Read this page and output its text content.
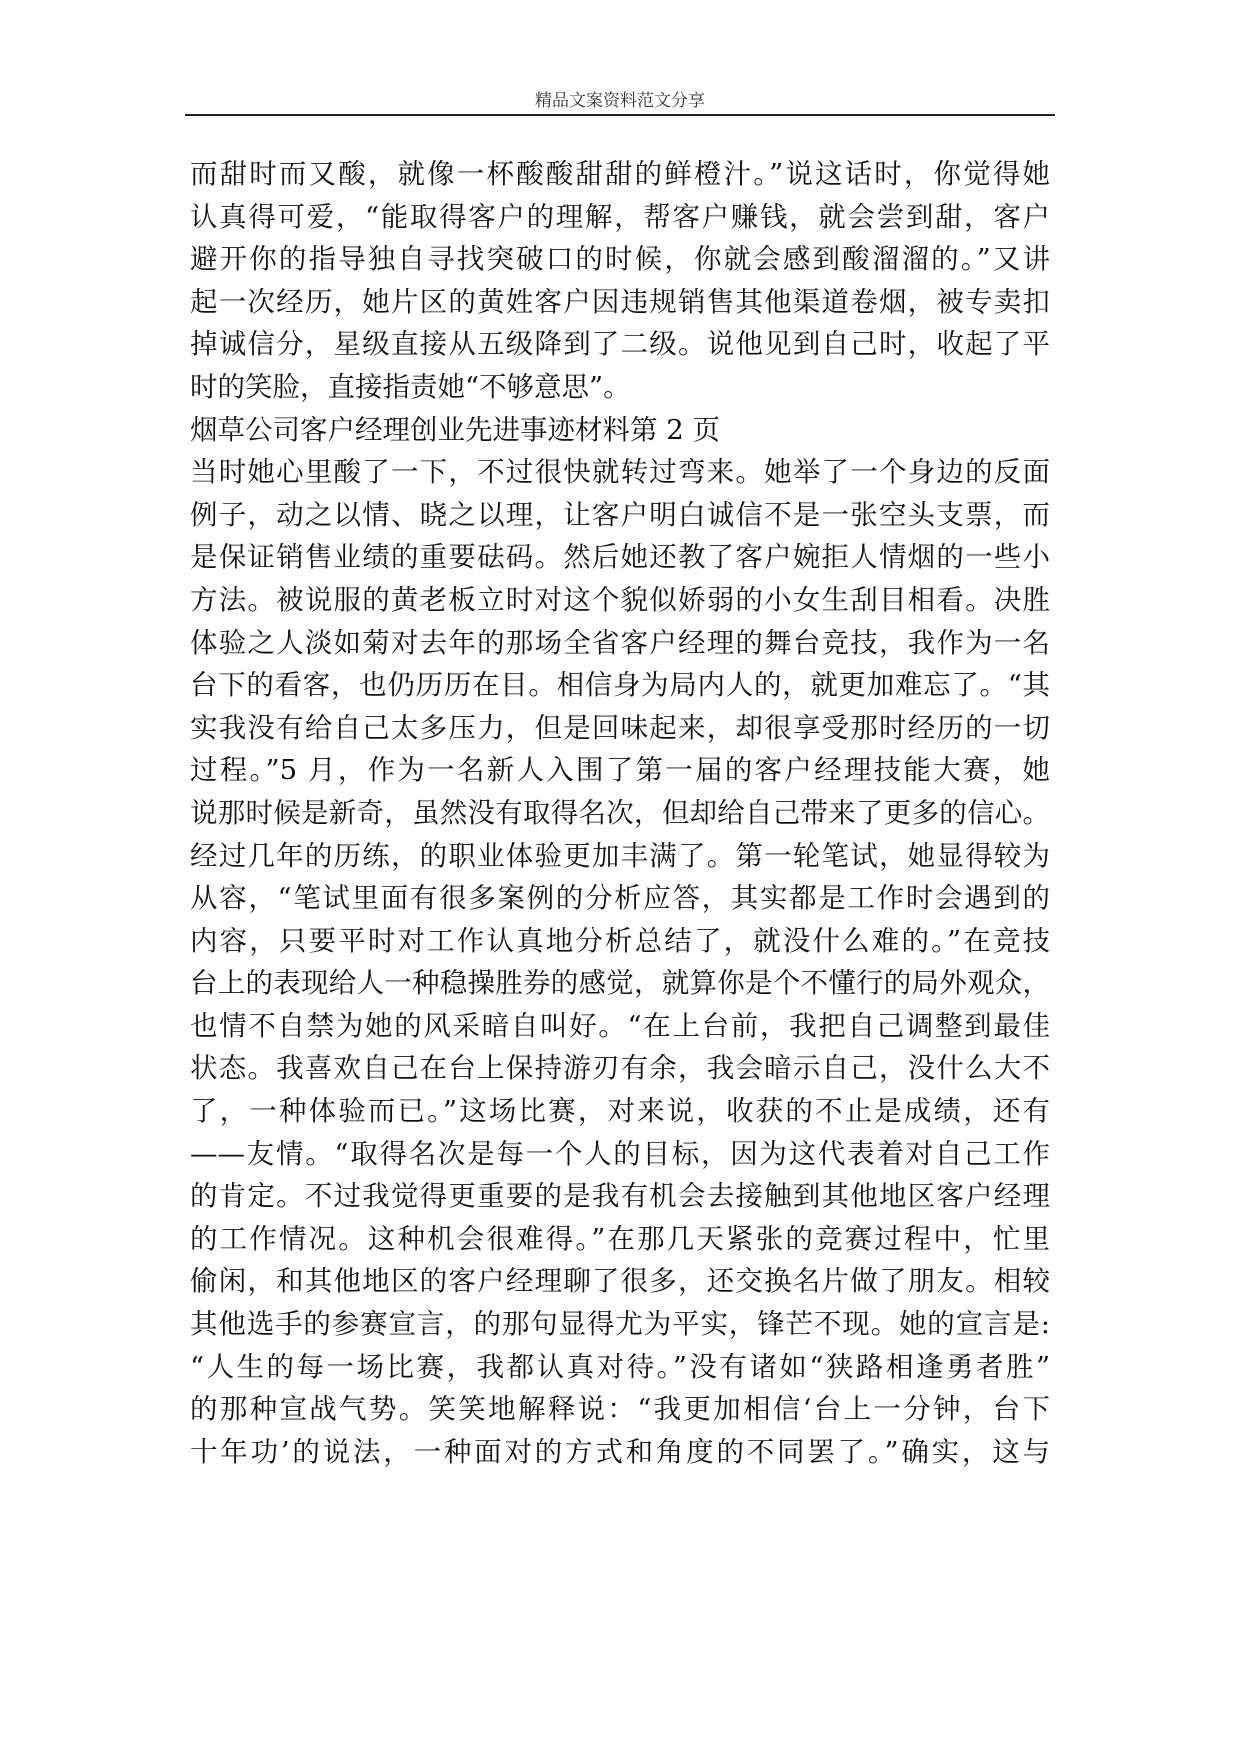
精品文案资料范文分享
而甜时而又酸，就像一杯酸酸甜甜的鲜橙汁。”说这话时，你觉得她
认真得可爱，“能取得客户的理解，帮客户赚钱，就会尝到甜，客户
避开你的指导独自寻找突破口的时候，你就会感到酸溜溜的。”又讲
起一次经历，她片区的黄姓客户因违规销售其他渠道卷烟，被专卖扣
掉诚信分，星级直接从五级降到了二级。说他见到自己时，收起了平
时的笑脸，直接指责她“不够意思”。
烟草公司客户经理创业先进事迹材料第 2 页
当时她心里酸了一下，不过很快就转过弯来。她举了一个身边的反面
例子，动之以情、晓之以理，让客户明白诚信不是一张空头支票，而
是保证销售业绩的重要砝码。然后她还教了客户婉拒人情烟的一些小
方法。被说服的黄老板立时对这个貌似娇弱的小女生刮目相看。决胜
体验之人淡如菊对去年的那场全省客户经理的舞台竞技，我作为一名
台下的看客，也仍历历在目。相信身为局内人的，就更加难忘了。“其
实我没有给自己太多压力，但是回味起来，却很享受那时经历的一切
过程。”5 月，作为一名新人入围了第一届的客户经理技能大赛，她
说那时候是新奇，虽然没有取得名次，但却给自己带来了更多的信心。
经过几年的历练，的职业体验更加丰满了。第一轮笔试，她显得较为
从容，“笔试里面有很多案例的分析应答，其实都是工作时会遇到的
内容，只要平时对工作认真地分析总结了，就没什么难的。”在竞技
台上的表现给人一种稳操胜券的感觉，就算你是个不懂行的局外观众，
也情不自禁为她的风采暗自叫好。“在上台前，我把自己调整到最佳
状态。我喜欢自己在台上保持游刃有余，我会暗示自己，没什么大不
了，一种体验而已。”这场比赛，对来说，收获的不止是成绩，还有
——友情。“取得名次是每一个人的目标，因为这代表着对自己工作
的肯定。不过我觉得更重要的是我有机会去接触到其他地区客户经理
的工作情况。这种机会很难得。”在那几天紧张的竞赛过程中，忙里
偷闲，和其他地区的客户经理聊了很多，还交换名片做了朋友。相较
其他选手的参赛宣言，的那句显得尤为平实，锋芒不现。她的宣言是:
“人生的每一场比赛，我都认真对待。”没有诸如“狭路相逢勇者胜”
的那种宣战气势。笑笑地解释说：“我更加相信‘台上一分钟，台下
十年功’的说法，一种面对的方式和角度的不同罢了。”确实，这与
